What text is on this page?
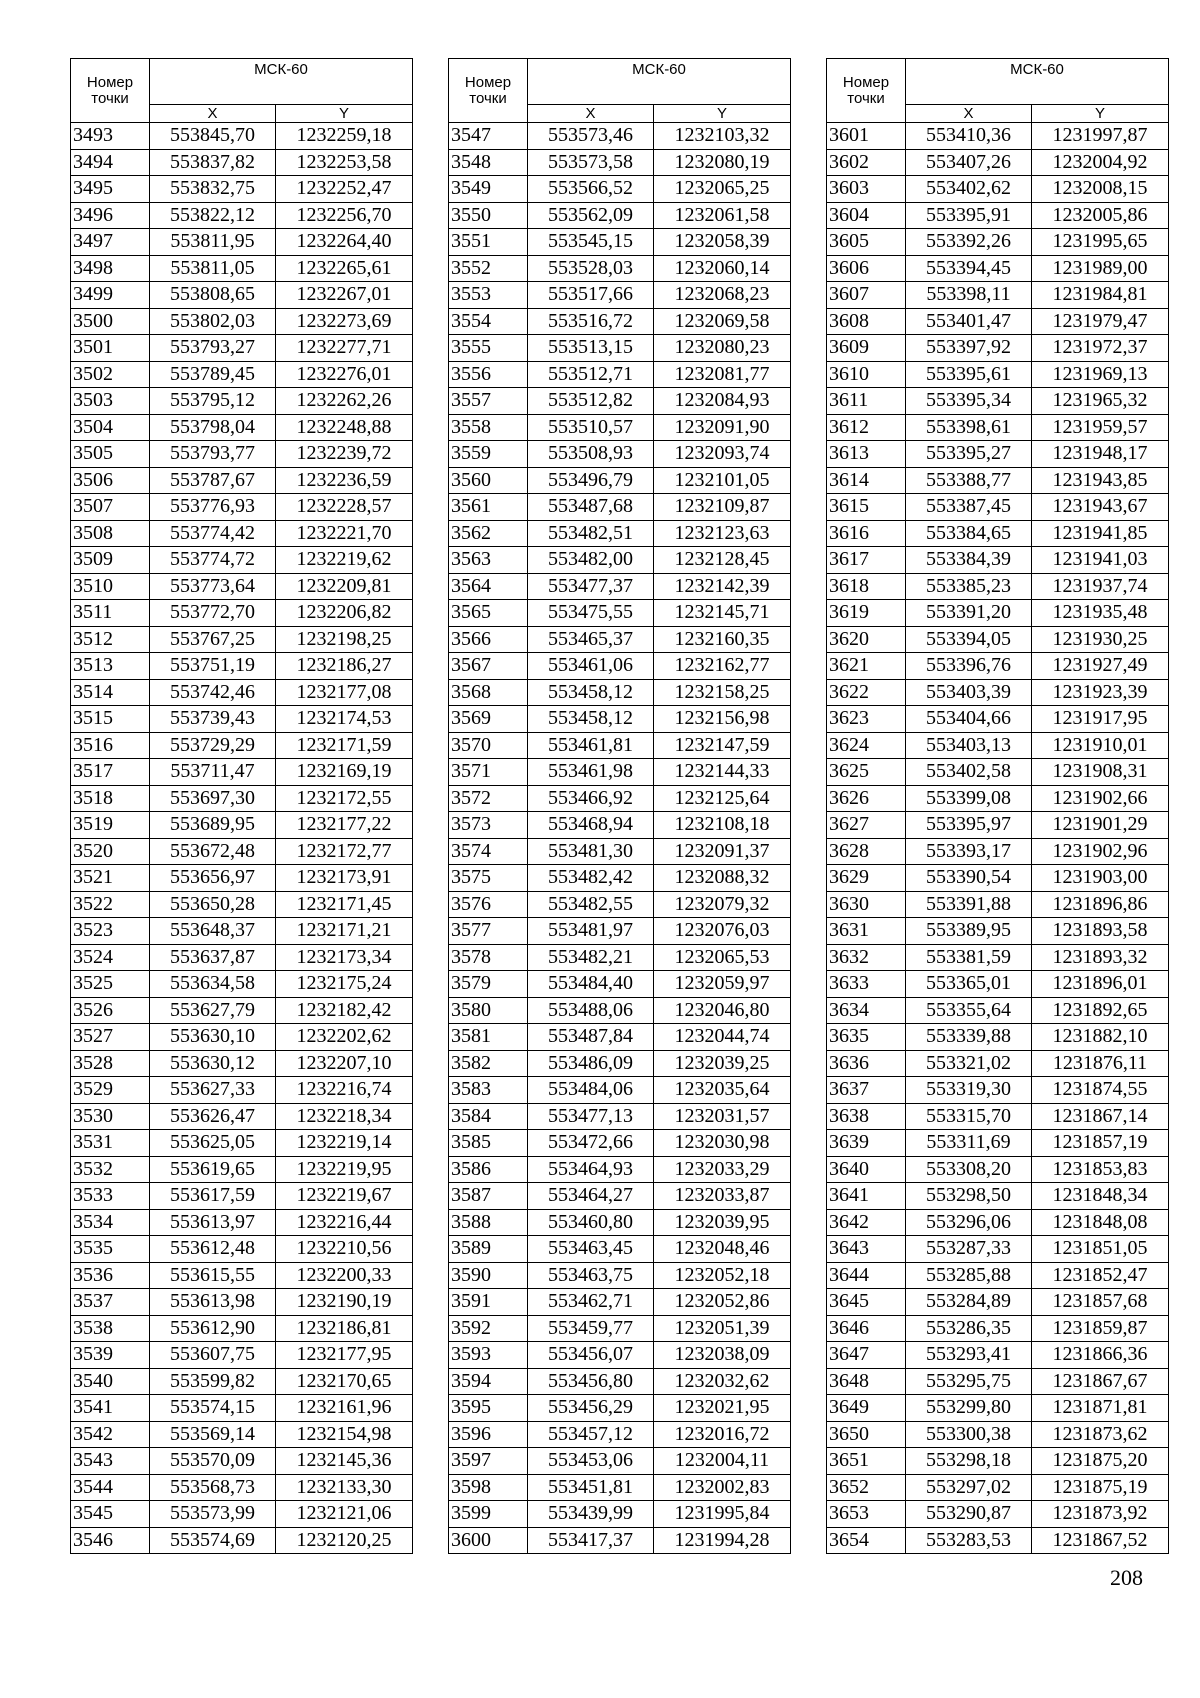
Номер точки	МСК-60	
	X	Y
3493	553845,70	1232259,18
3494	553837,82	1232253,58
3495	553832,75	1232252,47
3496	553822,12	1232256,70
3497	553811,95	1232264,40
3498	553811,05	1232265,61
3499	553808,65	1232267,01
3500	553802,03	1232273,69
3501	553793,27	1232277,71
3502	553789,45	1232276,01
3503	553795,12	1232262,26
3504	553798,04	1232248,88
3505	553793,77	1232239,72
3506	553787,67	1232236,59
3507	553776,93	1232228,57
3508	553774,42	1232221,70
3509	553774,72	1232219,62
3510	553773,64	1232209,81
3511	553772,70	1232206,82
3512	553767,25	1232198,25
3513	553751,19	1232186,27
3514	553742,46	1232177,08
3515	553739,43	1232174,53
3516	553729,29	1232171,59
3517	553711,47	1232169,19
3518	553697,30	1232172,55
3519	553689,95	1232177,22
3520	553672,48	1232172,77
3521	553656,97	1232173,91
3522	553650,28	1232171,45
3523	553648,37	1232171,21
3524	553637,87	1232173,34
3525	553634,58	1232175,24
3526	553627,79	1232182,42
3527	553630,10	1232202,62
3528	553630,12	1232207,10
3529	553627,33	1232216,74
3530	553626,47	1232218,34
3531	553625,05	1232219,14
3532	553619,65	1232219,95
3533	553617,59	1232219,67
3534	553613,97	1232216,44
3535	553612,48	1232210,56
3536	553615,55	1232200,33
3537	553613,98	1232190,19
3538	553612,90	1232186,81
3539	553607,75	1232177,95
3540	553599,82	1232170,65
3541	553574,15	1232161,96
3542	553569,14	1232154,98
3543	553570,09	1232145,36
3544	553568,73	1232133,30
3545	553573,99	1232121,06
3546	553574,69	1232120,25
Номер точки	МСК-60	
	X	Y
3547	553573,46	1232103,32
3548	553573,58	1232080,19
3549	553566,52	1232065,25
3550	553562,09	1232061,58
3551	553545,15	1232058,39
3552	553528,03	1232060,14
3553	553517,66	1232068,23
3554	553516,72	1232069,58
3555	553513,15	1232080,23
3556	553512,71	1232081,77
3557	553512,82	1232084,93
3558	553510,57	1232091,90
3559	553508,93	1232093,74
3560	553496,79	1232101,05
3561	553487,68	1232109,87
3562	553482,51	1232123,63
3563	553482,00	1232128,45
3564	553477,37	1232142,39
3565	553475,55	1232145,71
3566	553465,37	1232160,35
3567	553461,06	1232162,77
3568	553458,12	1232158,25
3569	553458,12	1232156,98
3570	553461,81	1232147,59
3571	553461,98	1232144,33
3572	553466,92	1232125,64
3573	553468,94	1232108,18
3574	553481,30	1232091,37
3575	553482,42	1232088,32
3576	553482,55	1232079,32
3577	553481,97	1232076,03
3578	553482,21	1232065,53
3579	553484,40	1232059,97
3580	553488,06	1232046,80
3581	553487,84	1232044,74
3582	553486,09	1232039,25
3583	553484,06	1232035,64
3584	553477,13	1232031,57
3585	553472,66	1232030,98
3586	553464,93	1232033,29
3587	553464,27	1232033,87
3588	553460,80	1232039,95
3589	553463,45	1232048,46
3590	553463,75	1232052,18
3591	553462,71	1232052,86
3592	553459,77	1232051,39
3593	553456,07	1232038,09
3594	553456,80	1232032,62
3595	553456,29	1232021,95
3596	553457,12	1232016,72
3597	553453,06	1232004,11
3598	553451,81	1232002,83
3599	553439,99	1231995,84
3600	553417,37	1231994,28
Номер точки	МСК-60	
	X	Y
3601	553410,36	1231997,87
3602	553407,26	1232004,92
3603	553402,62	1232008,15
3604	553395,91	1232005,86
3605	553392,26	1231995,65
3606	553394,45	1231989,00
3607	553398,11	1231984,81
3608	553401,47	1231979,47
3609	553397,92	1231972,37
3610	553395,61	1231969,13
3611	553395,34	1231965,32
3612	553398,61	1231959,57
3613	553395,27	1231948,17
3614	553388,77	1231943,85
3615	553387,45	1231943,67
3616	553384,65	1231941,85
3617	553384,39	1231941,03
3618	553385,23	1231937,74
3619	553391,20	1231935,48
3620	553394,05	1231930,25
3621	553396,76	1231927,49
3622	553403,39	1231923,39
3623	553404,66	1231917,95
3624	553403,13	1231910,01
3625	553402,58	1231908,31
3626	553399,08	1231902,66
3627	553395,97	1231901,29
3628	553393,17	1231902,96
3629	553390,54	1231903,00
3630	553391,88	1231896,86
3631	553389,95	1231893,58
3632	553381,59	1231893,32
3633	553365,01	1231896,01
3634	553355,64	1231892,65
3635	553339,88	1231882,10
3636	553321,02	1231876,11
3637	553319,30	1231874,55
3638	553315,70	1231867,14
3639	553311,69	1231857,19
3640	553308,20	1231853,83
3641	553298,50	1231848,34
3642	553296,06	1231848,08
3643	553287,33	1231851,05
3644	553285,88	1231852,47
3645	553284,89	1231857,68
3646	553286,35	1231859,87
3647	553293,41	1231866,36
3648	553295,75	1231867,67
3649	553299,80	1231871,81
3650	553300,38	1231873,62
3651	553298,18	1231875,20
3652	553297,02	1231875,19
3653	553290,87	1231873,92
3654	553283,53	1231867,52
208
